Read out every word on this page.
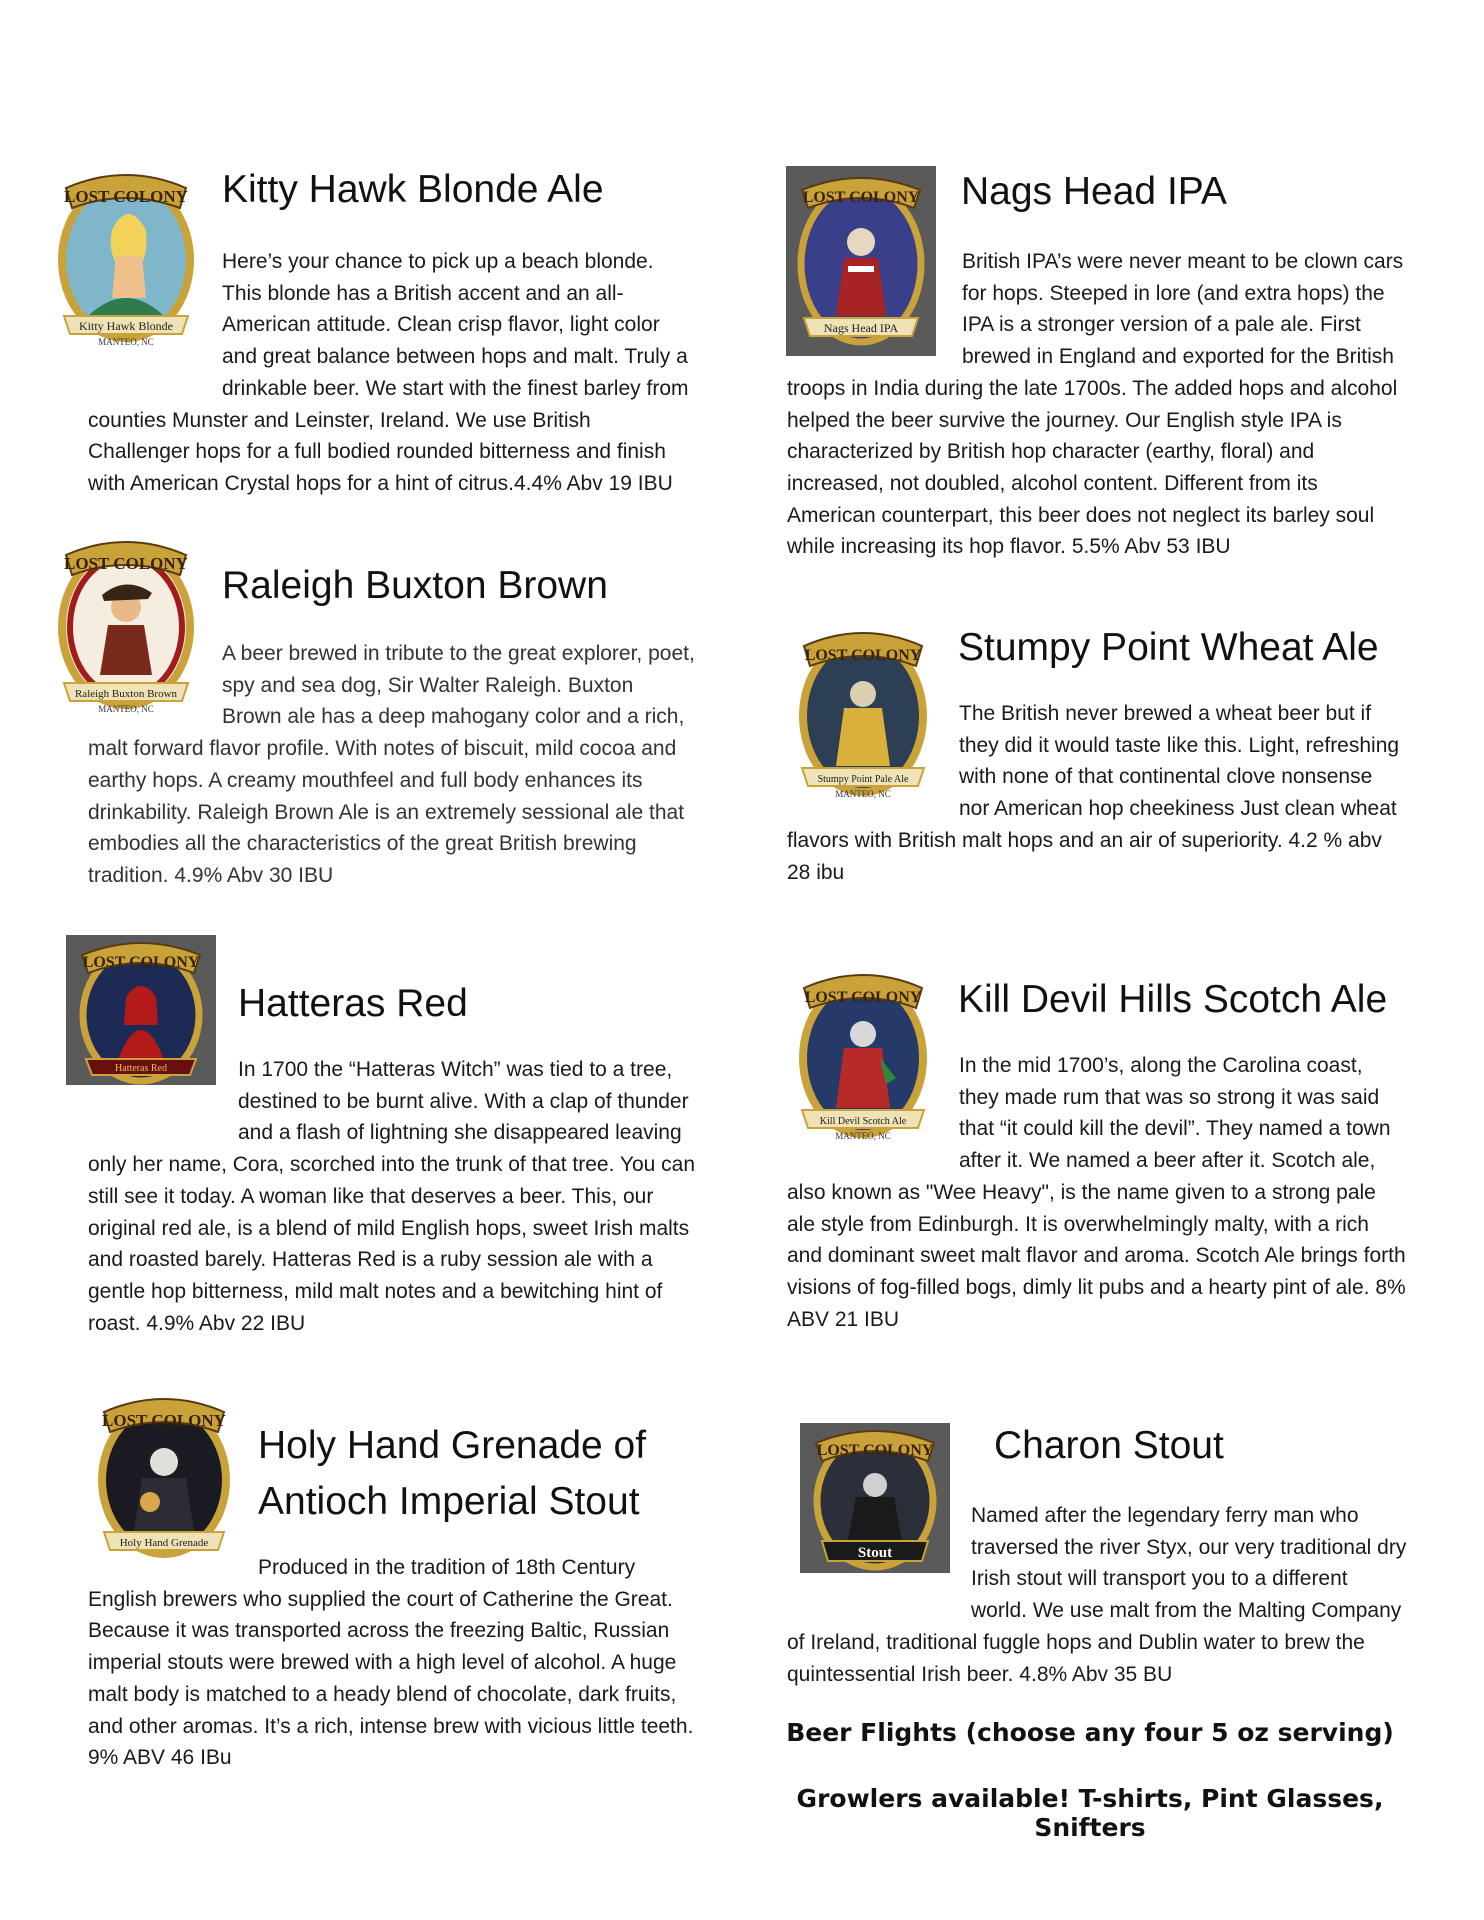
LOST COLONY
Kitty Hawk Blonde
MANTEO, NC
Kitty Hawk Blonde Ale

Here’s your chance to pick up a beach blonde. This blonde has a British accent and an all-American attitude. Clean crisp flavor, light color and great balance between hops and malt. Truly a drinkable beer. We start with the finest barley from counties Munster and Leinster, Ireland. We use British Challenger hops for a full bodied rounded bitterness and finish with American Crystal hops for a hint of citrus.4.4% Abv 19 IBU

LOST COLONY
Raleigh Buxton Brown
MANTEO, NC
Raleigh Buxton Brown

A beer brewed in tribute to the great explorer, poet, spy and sea dog, Sir Walter Raleigh. Buxton Brown ale has a deep mahogany color and a rich, malt forward flavor profile. With notes of biscuit, mild cocoa and earthy hops. A creamy mouthfeel and full body enhances its drinkability. Raleigh Brown Ale is an extremely sessional ale that embodies all the characteristics of the great British brewing tradition. 4.9% Abv 30 IBU

LOST COLONY
Hatteras Red
Hatteras Red

In 1700 the “Hatteras Witch” was tied to a tree, destined to be burnt alive. With a clap of thunder and a flash of lightning she disappeared leaving only her name, Cora, scorched into the trunk of that tree. You can still see it today. A woman like that deserves a beer. This, our original red ale, is a blend of mild English hops, sweet Irish malts and roasted barely. Hatteras Red is a ruby session ale with a gentle hop bitterness, mild malt notes and a bewitching hint of roast. 4.9% Abv 22 IBU

LOST COLONY
Holy Hand Grenade
Holy Hand Grenade of Antioch Imperial Stout

Produced in the tradition of 18th Century English brewers who supplied the court of Catherine the Great. Because it was transported across the freezing Baltic, Russian imperial stouts were brewed with a high level of alcohol. A huge malt body is matched to a heady blend of chocolate, dark fruits, and other aromas. It’s a rich, intense brew with vicious little teeth. 9% ABV 46 IBu

LOST COLONY
Nags Head IPA
Nags Head IPA

British IPA’s were never meant to be clown cars for hops. Steeped in lore (and extra hops) the IPA is a stronger version of a pale ale. First brewed in England and exported for the British troops in India during the late 1700s. The added hops and alcohol helped the beer survive the journey. Our English style IPA is characterized by British hop character (earthy, floral) and increased, not doubled, alcohol content. Different from its American counterpart, this beer does not neglect its barley soul while increasing its hop flavor. 5.5% Abv 53 IBU

LOST COLONY
Stumpy Point Pale Ale
MANTEO, NC
Stumpy Point Wheat Ale

The British never brewed a wheat beer but if they did it would taste like this. Light, refreshing with none of that continental clove nonsense nor American hop cheekiness Just clean wheat flavors with British malt hops and an air of superiority. 4.2 % abv 28 ibu

LOST COLONY
Kill Devil Scotch Ale
MANTEO, NC
Kill Devil Hills Scotch Ale

In the mid 1700’s, along the Carolina coast, they made rum that was so strong it was said that “it could kill the devil”. They named a town after it. We named a beer after it. Scotch ale, also known as "Wee Heavy", is the name given to a strong pale ale style from Edinburgh. It is overwhelmingly malty, with a rich and dominant sweet malt flavor and aroma. Scotch Ale brings forth visions of fog-filled bogs, dimly lit pubs and a hearty pint of ale. 8% ABV 21 IBU

LOST COLONY
Stout
Charon Stout

Named after the legendary ferry man who traversed the river Styx, our very traditional dry Irish stout will transport you to a different world. We use malt from the Malting Company of Ireland, traditional fuggle hops and Dublin water to brew the quintessential Irish beer. 4.8% Abv 35 BU

Beer Flights (choose any four 5 oz serving)

Growlers available! T-shirts, Pint Glasses, Snifters
